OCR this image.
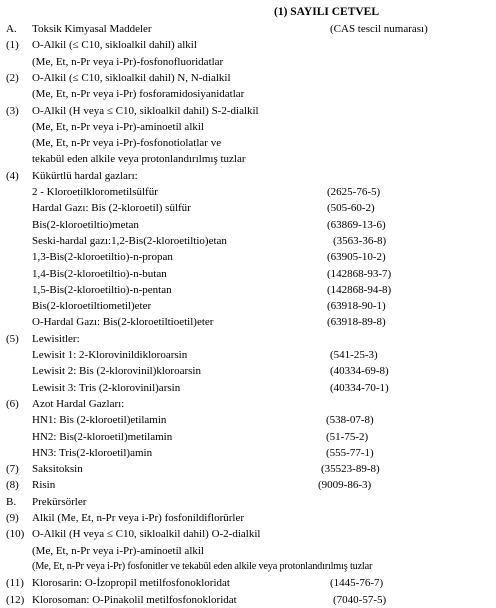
(1) SAYILI CETVEL
A. Toksik Kimyasal Maddeler	(CAS tescil numarası)
(1) O-Alkil (≤ C10, sikloalkil dahil) alkil
(Me, Et, n-Pr veya i-Pr)-fosfonofluoridatlar
(2) O-Alkil (≤ C10, sikloalkil dahil) N, N-dialkil
(Me, Et, n-Pr veya i-Pr) fosforamidosiyanidatlar
(3) O-Alkil (H veya ≤ C10, sikloalkil dahil) S-2-dialkil
(Me, Et, n-Pr veya i-Pr)-aminoetil alkil
(Me, Et, n-Pr veya i-Pr)-fosfonotiolatlar ve
tekabül eden alkile veya protonlandırılmış tuzlar
(4) Kükürtlü hardal gazları:
2 - Kloroetilklorometilsülfür	(2625-76-5)
Hardal Gazı: Bis (2-kloroetil) sülfür	(505-60-2)
Bis(2-kloroetiltio)metan	(63869-13-6)
Seski-hardal gazı:1,2-Bis(2-kloroetiltio)etan	(3563-36-8)
1,3-Bis(2-kloroetiltio)-n-propan	(63905-10-2)
1,4-Bis(2-kloroetiltio)-n-butan	(142868-93-7)
1,5-Bis(2-kloroetiltio)-n-pentan	(142868-94-8)
Bis(2-kloroetiltiometil)eter	(63918-90-1)
O-Hardal Gazı: Bis(2-kloroetiltioetil)eter	(63918-89-8)
(5) Lewisitler:
Lewisit 1: 2-Klorovinildikloroarsin	(541-25-3)
Lewisit 2: Bis (2-klorovinil)kloroarsin	(40334-69-8)
Lewisit 3: Tris (2-klorovinil)arsin	(40334-70-1)
(6) Azot Hardal Gazları:
HN1: Bis (2-kloroetil)etilamin	(538-07-8)
HN2: Bis(2-kloroetil)metilamin	(51-75-2)
HN3: Tris(2-kloroetil)amin	(555-77-1)
(7) Saksitoksin	(35523-89-8)
(8) Risin	(9009-86-3)
B. Prekürsörler
(9) Alkil (Me, Et, n-Pr veya i-Pr) fosfonildiflorürler
(10) O-Alkil (H veya ≤ C10, sikloalkil dahil) O-2-dialkil
(Me, Et, n-Pr veya i-Pr)-aminoetil alkil
(Me, Et, n-Pr veya i-Pr) fosfonitler ve tekabül eden alkile veya protonlandırılmış tuzlar
(11) Klorosarin: O-İzopropil metilfosfonokloridat	(1445-76-7)
(12) Klorosoman: O-Pinakolil metilfosfonokloridat	(7040-57-5)
